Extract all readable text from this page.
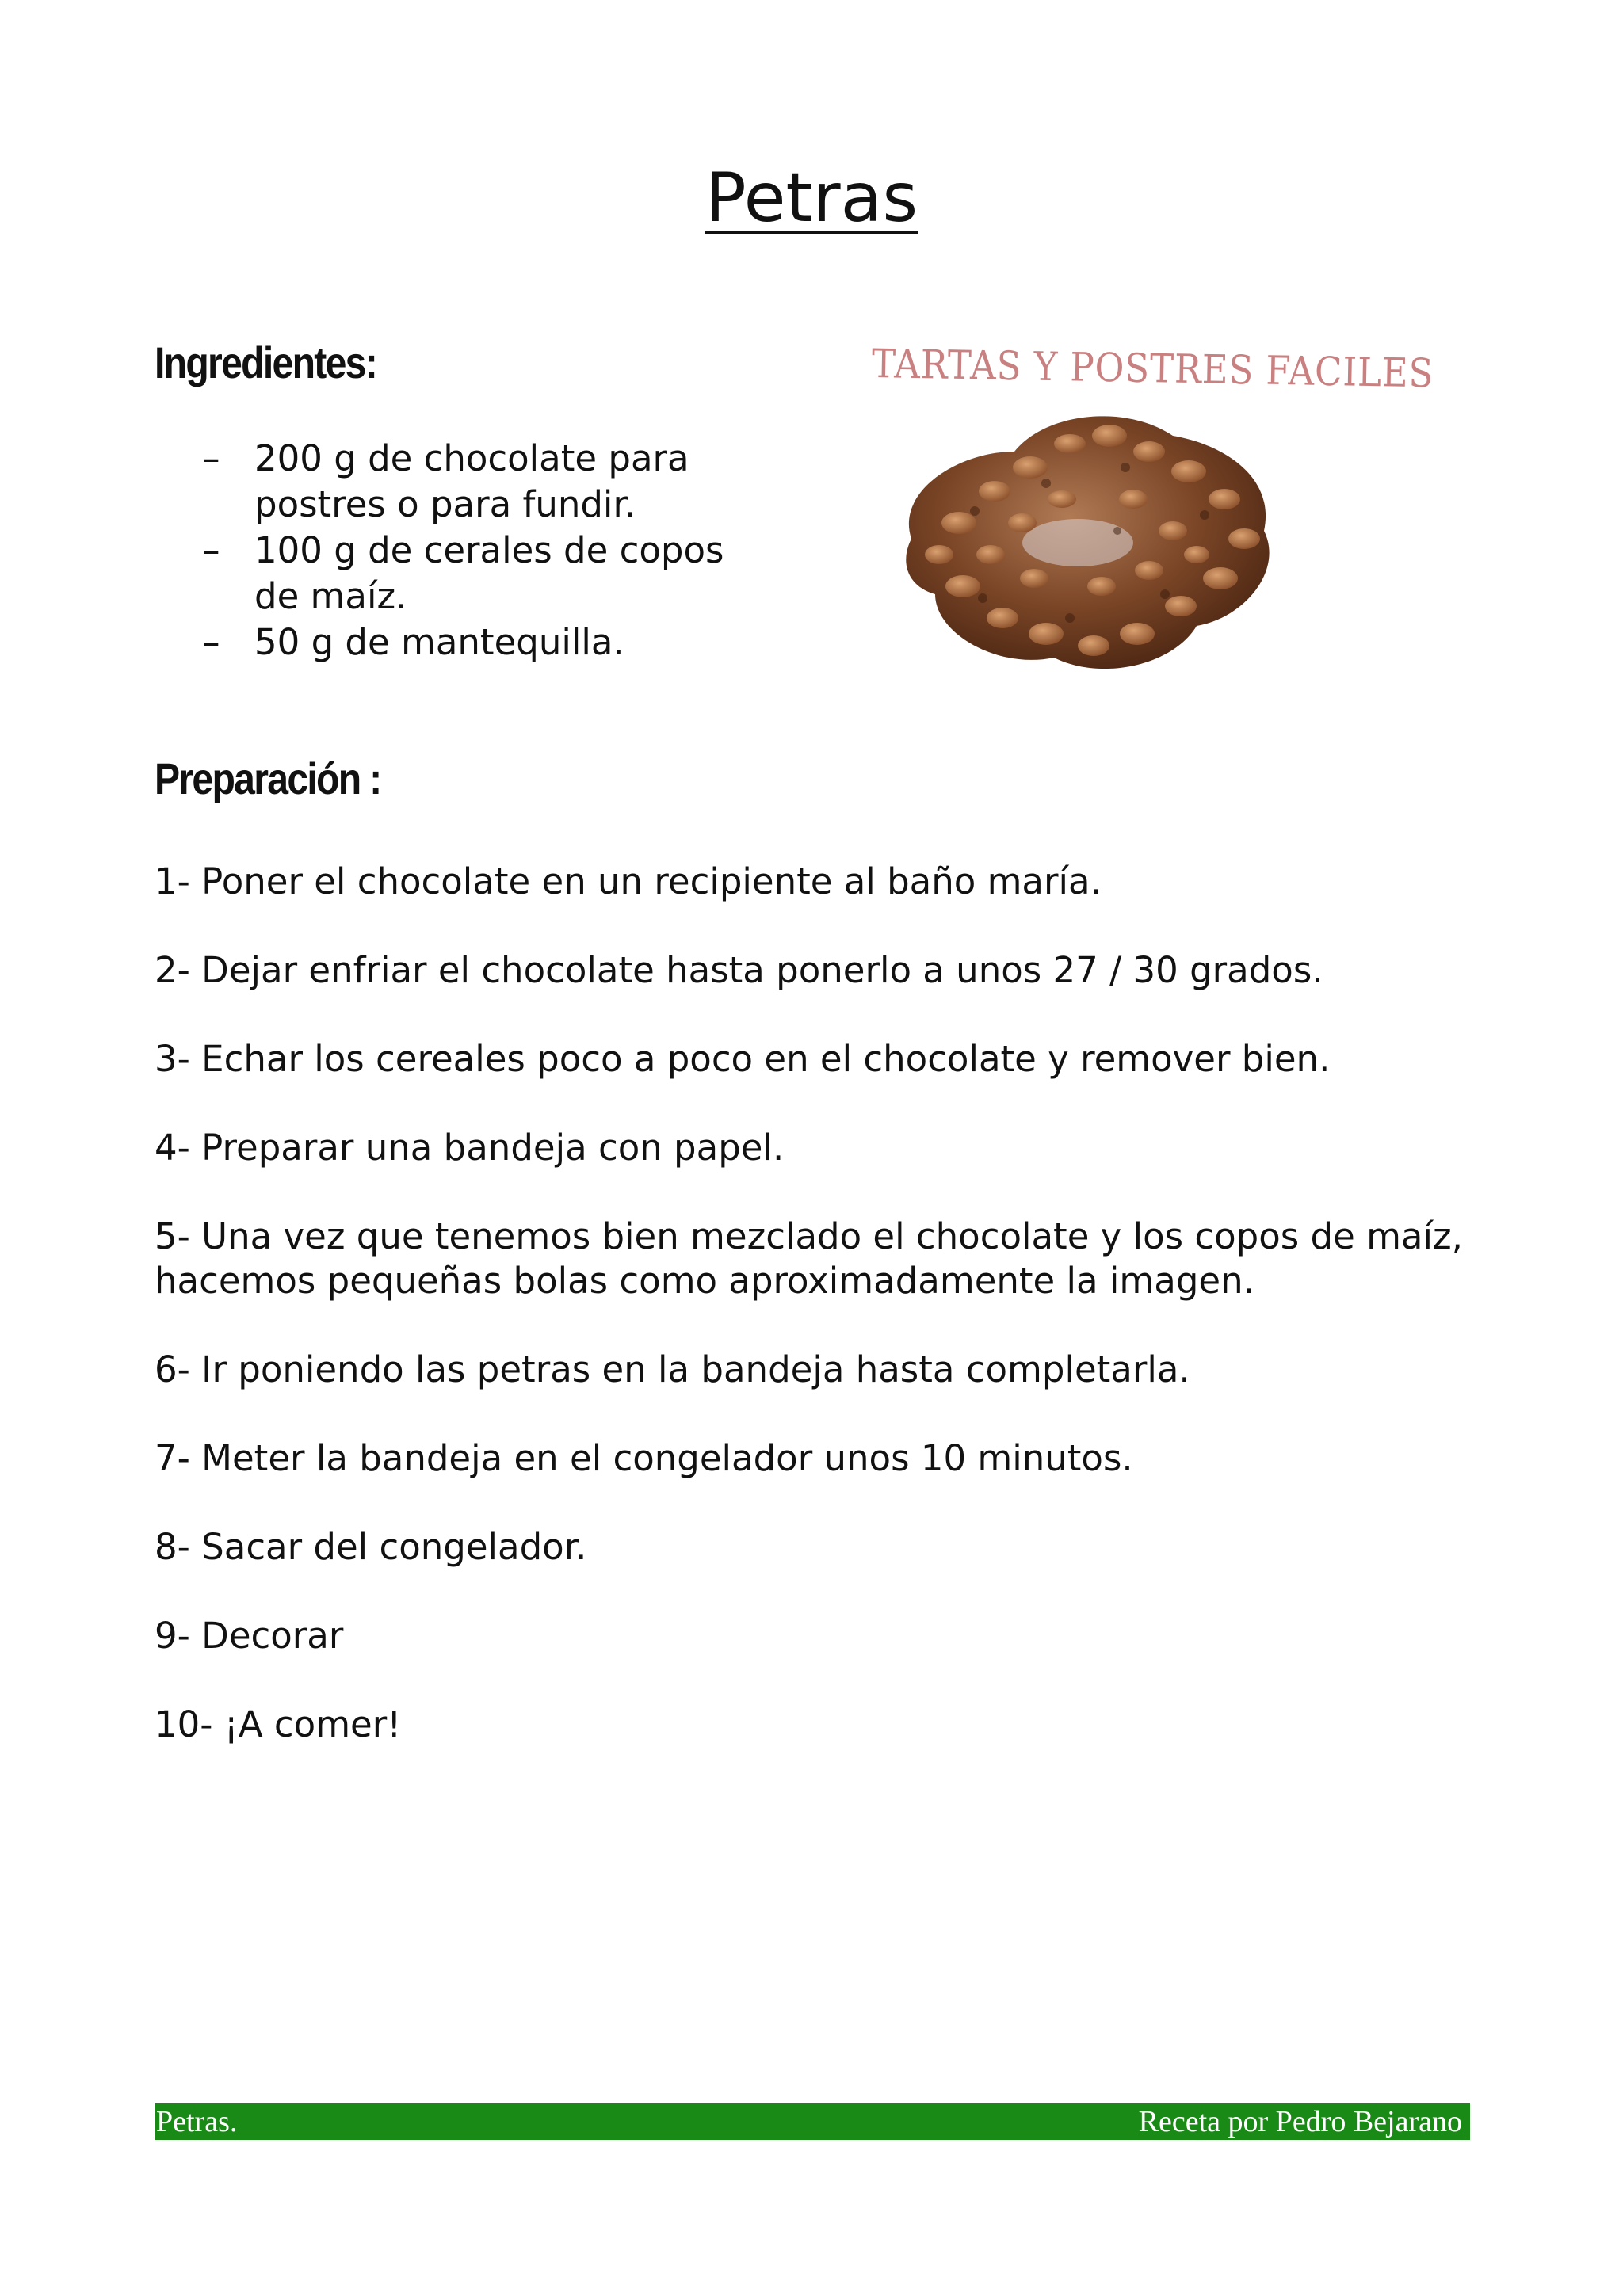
Petras
Ingredientes:
– 200 g de chocolate para postres o para fundir.
– 100 g de cerales de copos de maíz.
– 50 g de mantequilla.
TARTAS Y POSTRES FACILES
Preparación :
1- Poner el chocolate en un recipiente al baño maría.
2- Dejar enfriar el chocolate hasta ponerlo a unos 27 / 30 grados.
3- Echar los cereales poco a poco en el chocolate y remover bien.
4- Preparar una bandeja con papel.
5- Una vez que tenemos bien mezclado el chocolate y los copos de maíz, hacemos pequeñas bolas como aproximadamente la imagen.
6- Ir poniendo las petras en la bandeja hasta completarla.
7- Meter la bandeja en el congelador unos 10 minutos.
8- Sacar del congelador.
9- Decorar
10- ¡A comer!
Petras.	Receta por Pedro Bejarano
